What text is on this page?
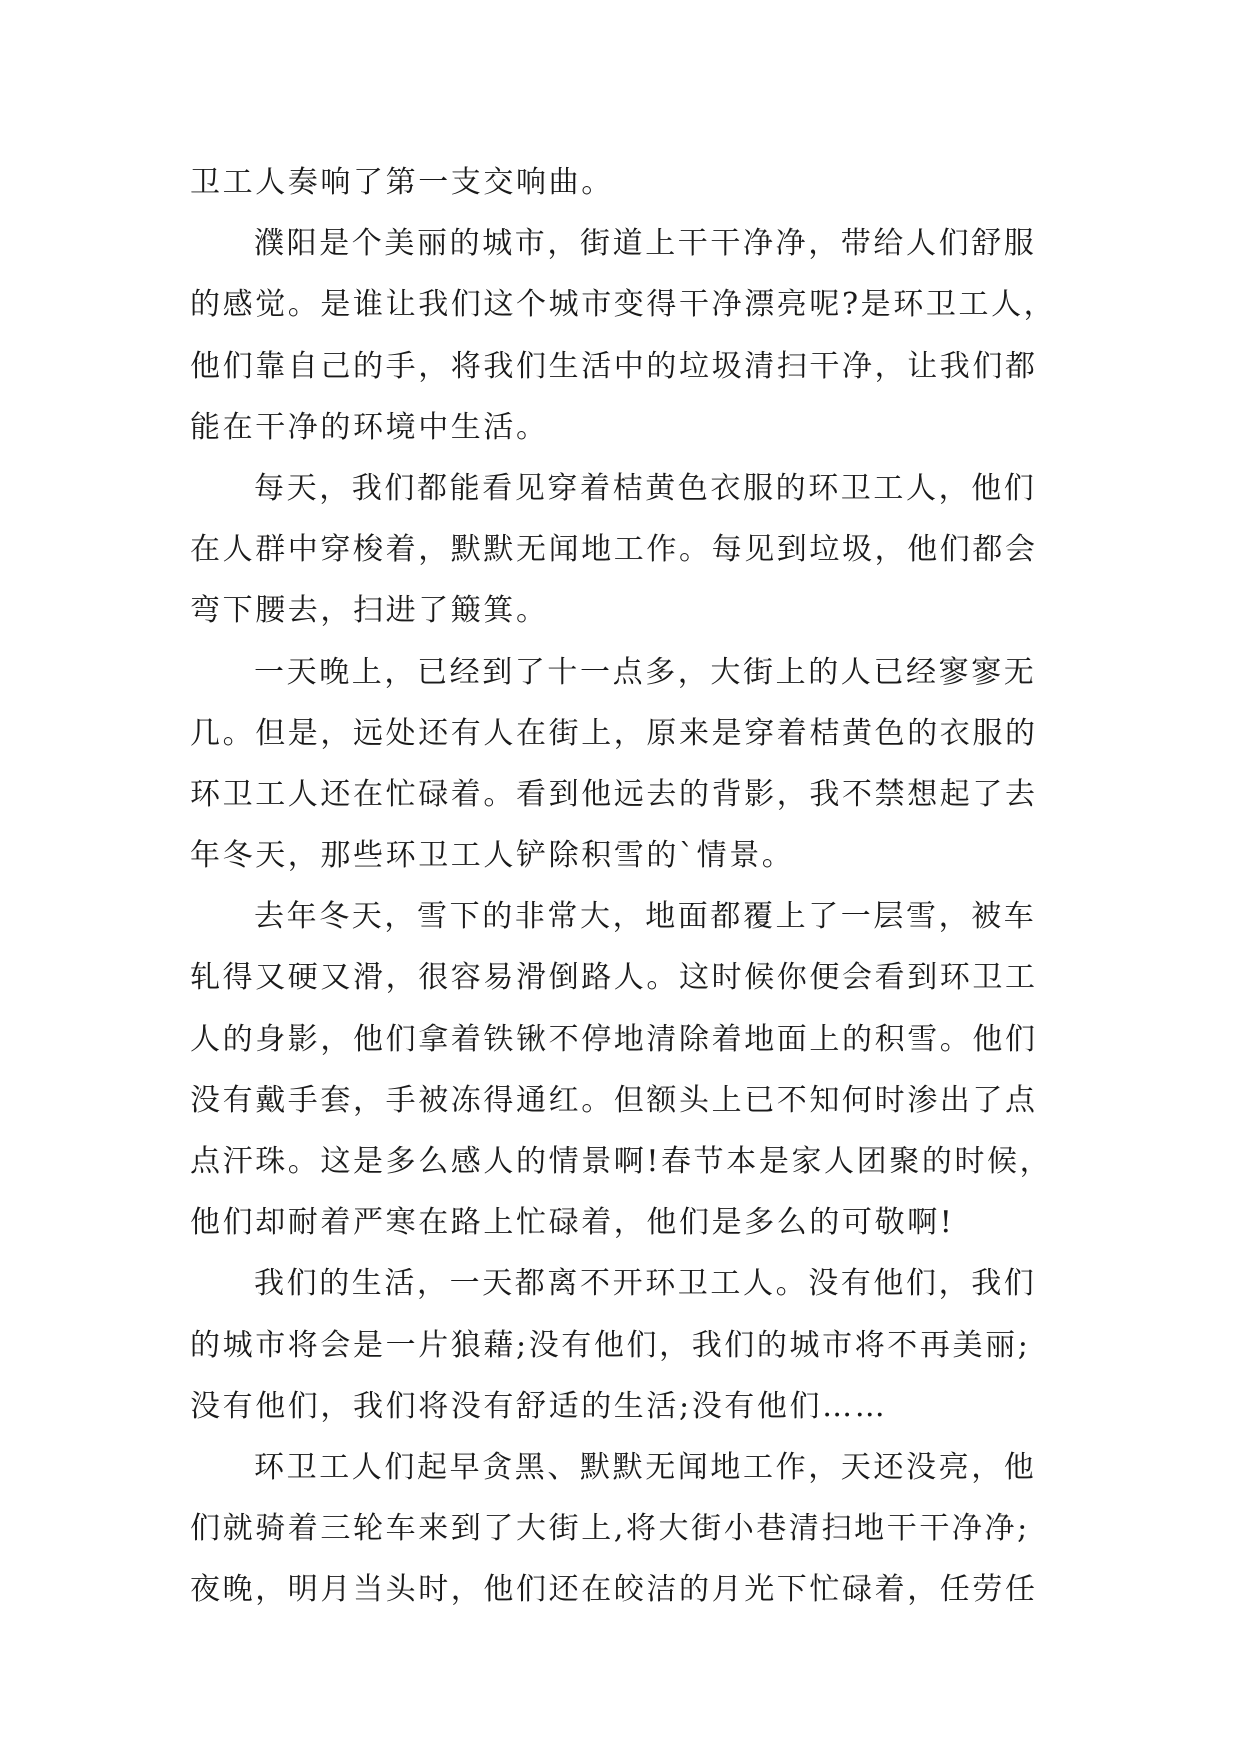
卫工人奏响了第一支交响曲。
濮阳是个美丽的城市，街道上干干净净，带给人们舒服
的感觉。是谁让我们这个城市变得干净漂亮呢?是环卫工人，
他们靠自己的手，将我们生活中的垃圾清扫干净，让我们都
能在干净的环境中生活。
每天，我们都能看见穿着桔黄色衣服的环卫工人，他们
在人群中穿梭着，默默无闻地工作。每见到垃圾，他们都会
弯下腰去，扫进了簸箕。
一天晚上，已经到了十一点多，大街上的人已经寥寥无
几。但是，远处还有人在街上，原来是穿着桔黄色的衣服的
环卫工人还在忙碌着。看到他远去的背影，我不禁想起了去
年冬天，那些环卫工人铲除积雪的`情景。
去年冬天，雪下的非常大，地面都覆上了一层雪，被车
轧得又硬又滑，很容易滑倒路人。这时候你便会看到环卫工
人的身影，他们拿着铁锹不停地清除着地面上的积雪。他们
没有戴手套，手被冻得通红。但额头上已不知何时渗出了点
点汗珠。这是多么感人的情景啊!春节本是家人团聚的时候，
他们却耐着严寒在路上忙碌着，他们是多么的可敬啊!
我们的生活，一天都离不开环卫工人。没有他们，我们
的城市将会是一片狼藉;没有他们，我们的城市将不再美丽;
没有他们，我们将没有舒适的生活;没有他们……
环卫工人们起早贪黑、默默无闻地工作，天还没亮，他
们就骑着三轮车来到了大街上,将大街小巷清扫地干干净净;
夜晚，明月当头时，他们还在皎洁的月光下忙碌着，任劳任
